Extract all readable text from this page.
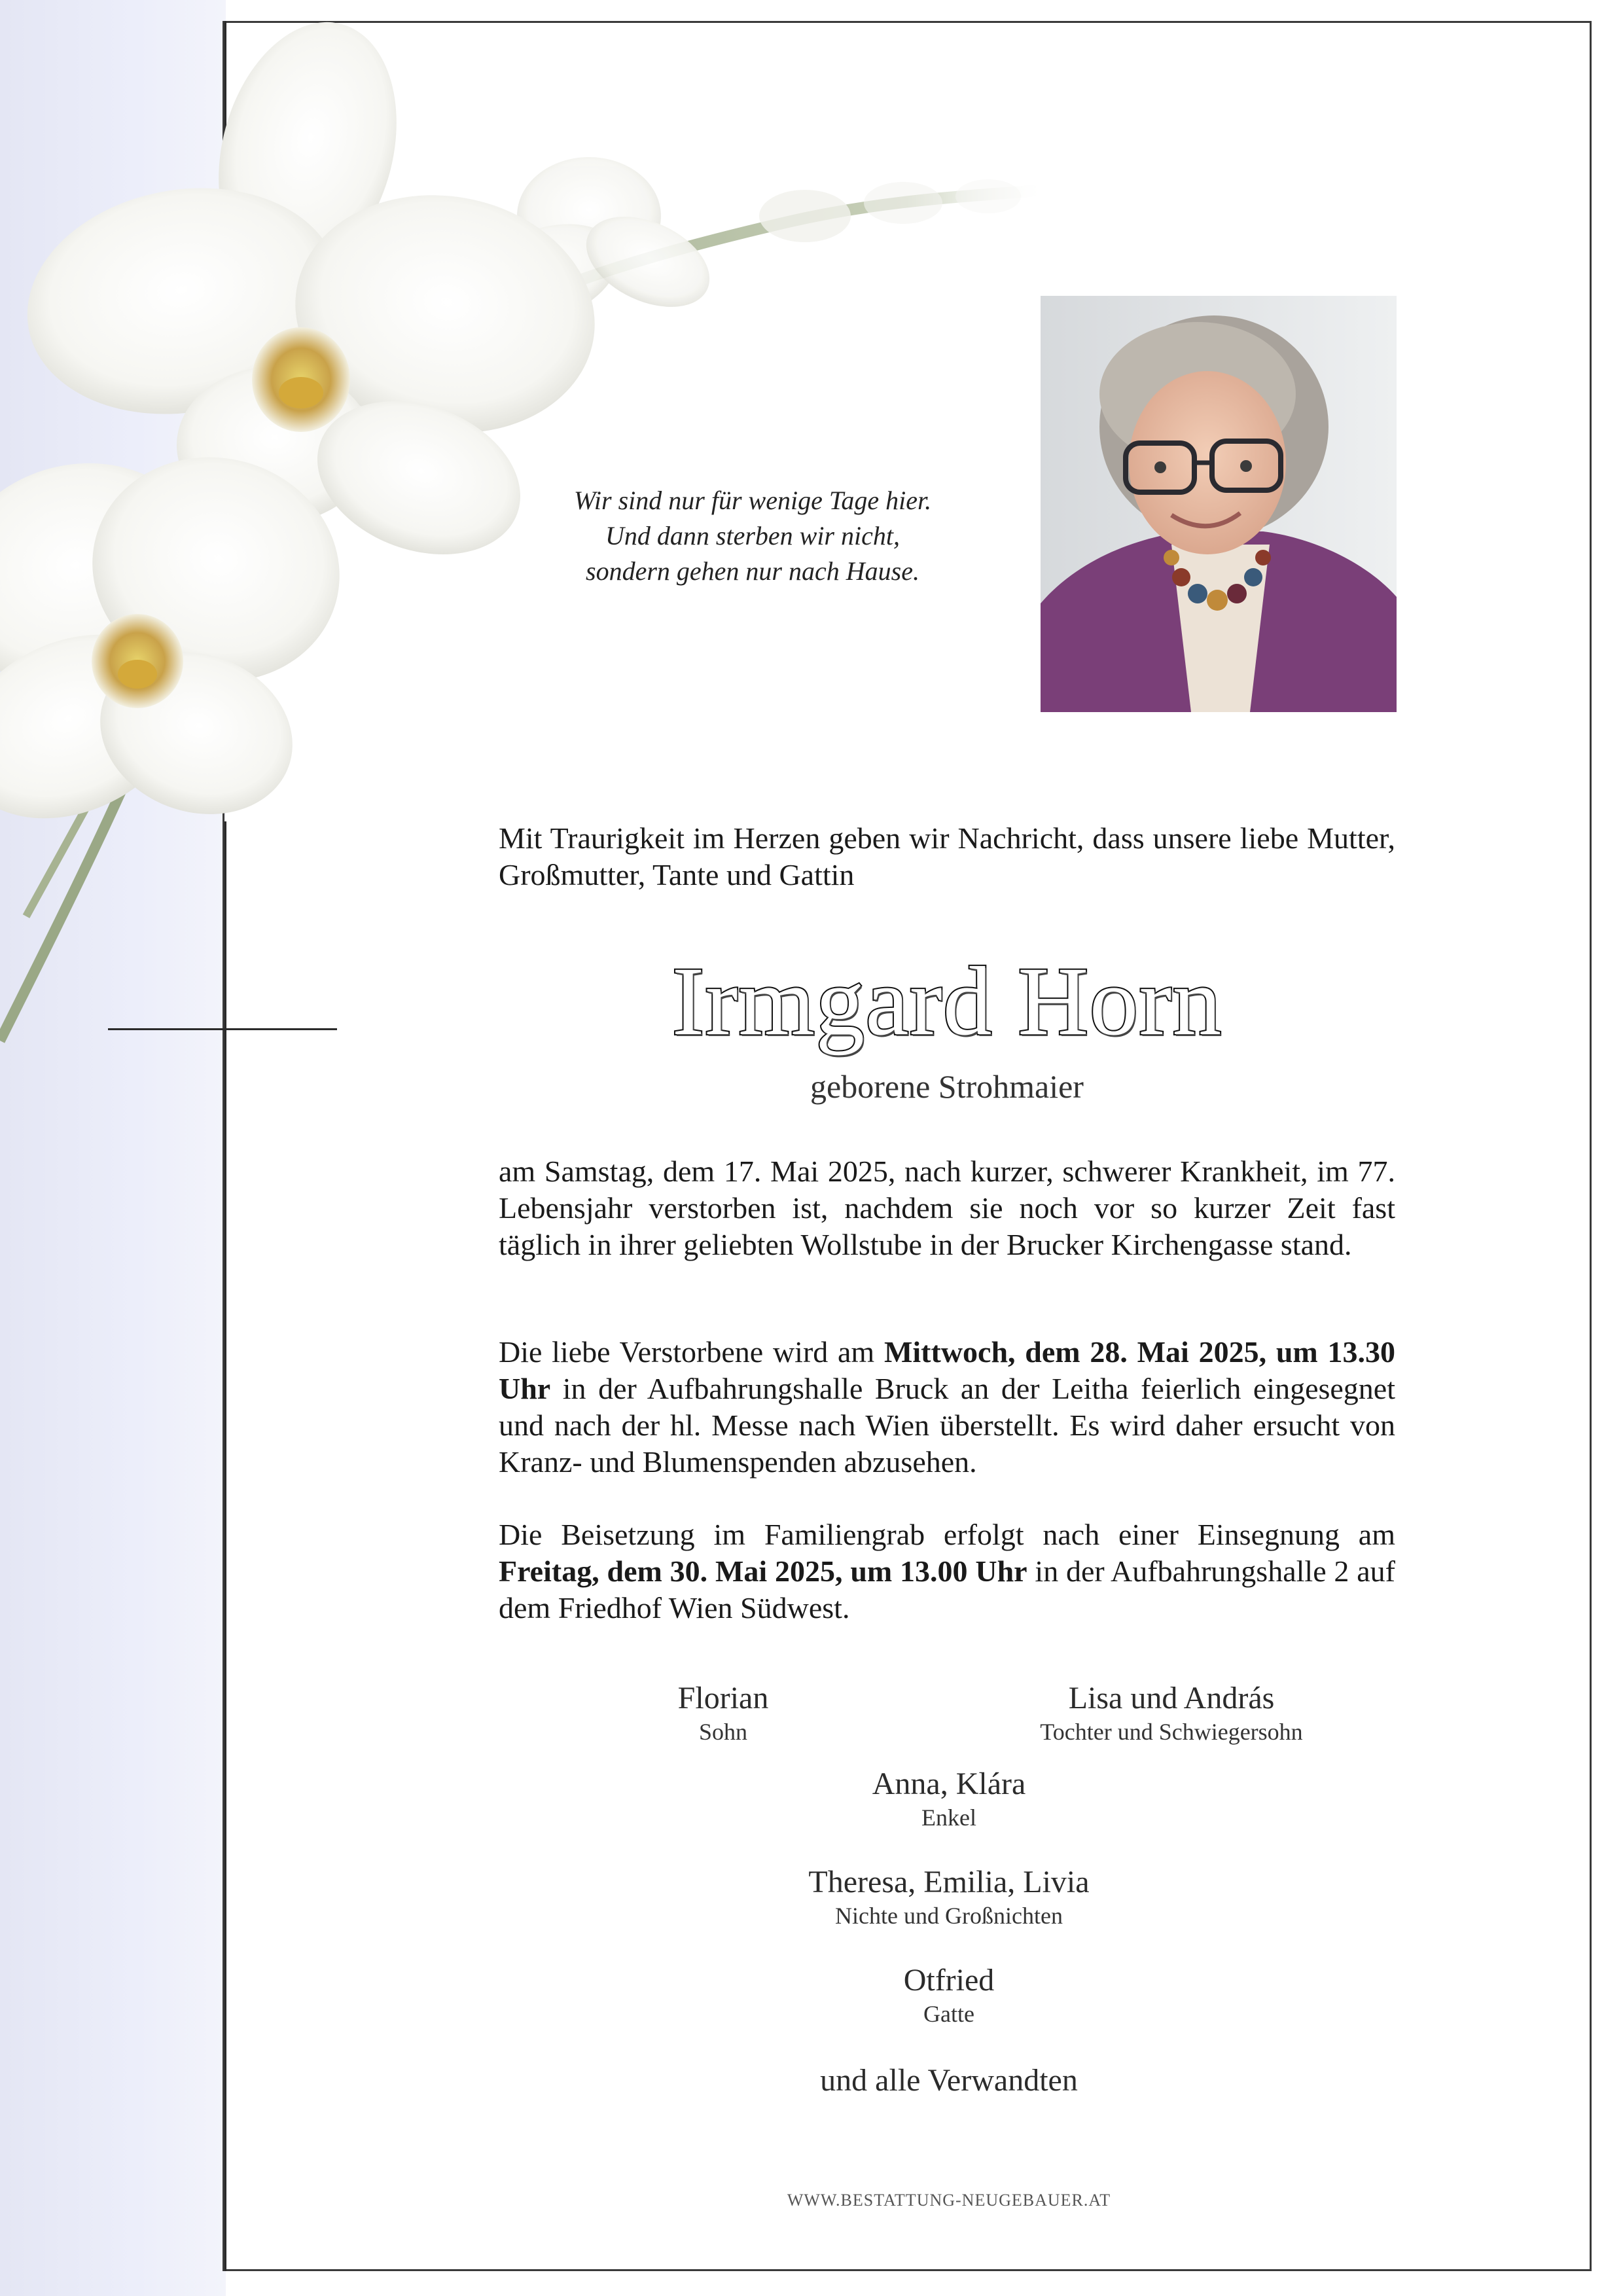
Wir sind nur für wenige Tage hier.
Und dann sterben wir nicht,
sondern gehen nur nach Hause.
Mit Traurigkeit im Herzen geben wir Nachricht, dass unsere liebe Mutter, Großmutter, Tante und Gattin
Irmgard Horn
geborene Strohmaier
am Samstag, dem 17. Mai 2025, nach kurzer, schwerer Krankheit, im 77. Lebensjahr verstorben ist, nachdem sie noch vor so kurzer Zeit fast täglich in ihrer geliebten Wollstube in der Brucker Kirchengasse stand.
Die liebe Verstorbene wird am Mittwoch, dem 28. Mai 2025, um 13.30 Uhr in der Aufbahrungshalle Bruck an der Leitha feierlich eingesegnet und nach der hl. Messe nach Wien überstellt. Es wird daher ersucht von Kranz- und Blumenspenden abzusehen.
Die Beisetzung im Familiengrab erfolgt nach einer Einsegnung am Freitag, dem 30. Mai 2025, um 13.00 Uhr in der Aufbahrungshalle 2 auf dem Friedhof Wien Südwest.
Florian
Sohn
Lisa und András
Tochter und Schwiegersohn
Anna, Klára
Enkel
Theresa, Emilia, Livia
Nichte und Großnichten
Otfried
Gatte
und alle Verwandten
WWW.BESTATTUNG-NEUGEBAUER.AT
